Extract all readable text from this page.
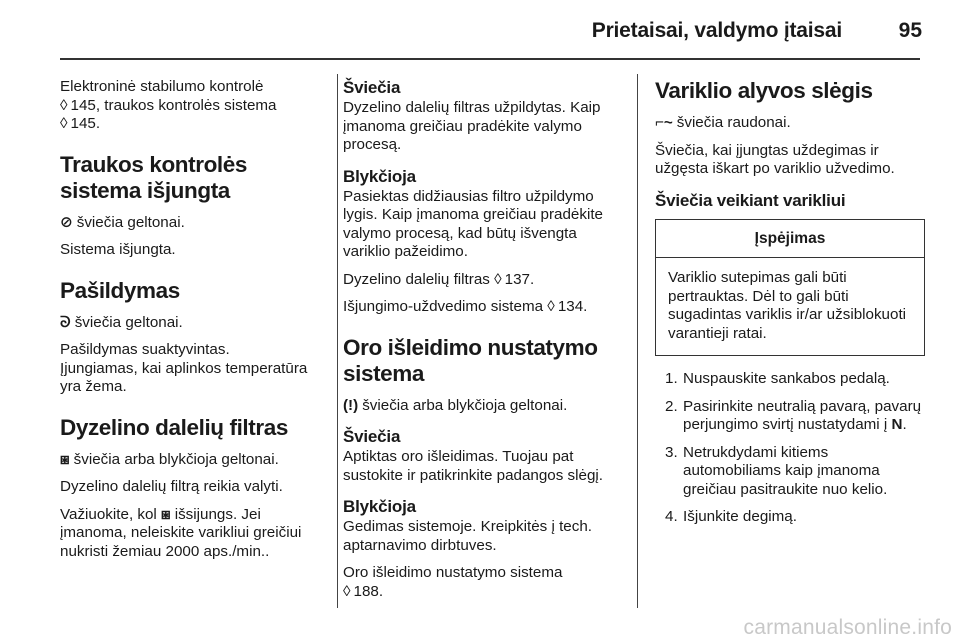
Prietaisai, valdymo įtaisai	95

Elektroninė stabilumo kontrolė
◊ 145, traukos kontrolės sistema
◊ 145.

Traukos kontrolės sistema išjungta

⊘ šviečia geltonai.

Sistema išjungta.

Pašildymas

ᘐ šviečia geltonai.

Pašildymas suaktyvintas.
Įjungiamas, kai aplinkos temperatūra yra žema.

Dyzelino dalelių filtras

⧆ šviečia arba blykčioja geltonai.

Dyzelino dalelių filtrą reikia valyti.

Važiuokite, kol ⧆ išsijungs. Jei įmanoma, neleiskite varikliui greičiui nukristi žemiau 2000 aps./min..

Šviečia

Dyzelino dalelių filtras užpildytas. Kaip įmanoma greičiau pradėkite valymo procesą.

Blykčioja

Pasiektas didžiausias filtro užpildymo lygis. Kaip įmanoma greičiau pradėkite valymo procesą, kad būtų išvengta variklio pažeidimo.

Dyzelino dalelių filtras ◊ 137.

Išjungimo-uždvedimo sistema ◊ 134.

Oro išleidimo nustatymo sistema

(!) šviečia arba blykčioja geltonai.

Šviečia

Aptiktas oro išleidimas. Tuojau pat sustokite ir patikrinkite padangos slėgį.

Blykčioja

Gedimas sistemoje. Kreipkitės į tech. aptarnavimo dirbtuves.

Oro išleidimo nustatymo sistema
◊ 188.

Variklio alyvos slėgis

⌐~ šviečia raudonai.

Šviečia, kai įjungtas uždegimas ir užgęsta iškart po variklio užvedimo.

Šviečia veikiant varikliui
Įspėjimas
Variklio sutepimas gali būti pertrauktas. Dėl to gali būti sugadintas variklis ir/ar užsiblokuoti varantieji ratai.
1. Nuspauskite sankabos pedalą.
2. Pasirinkite neutralią pavarą, pavarų perjungimo svirtį nustatydami į N.
3. Netrukdydami kitiems automobiliams kaip įmanoma greičiau pasitraukite nuo kelio.
4. Išjunkite degimą.
carmanualsonline.info
